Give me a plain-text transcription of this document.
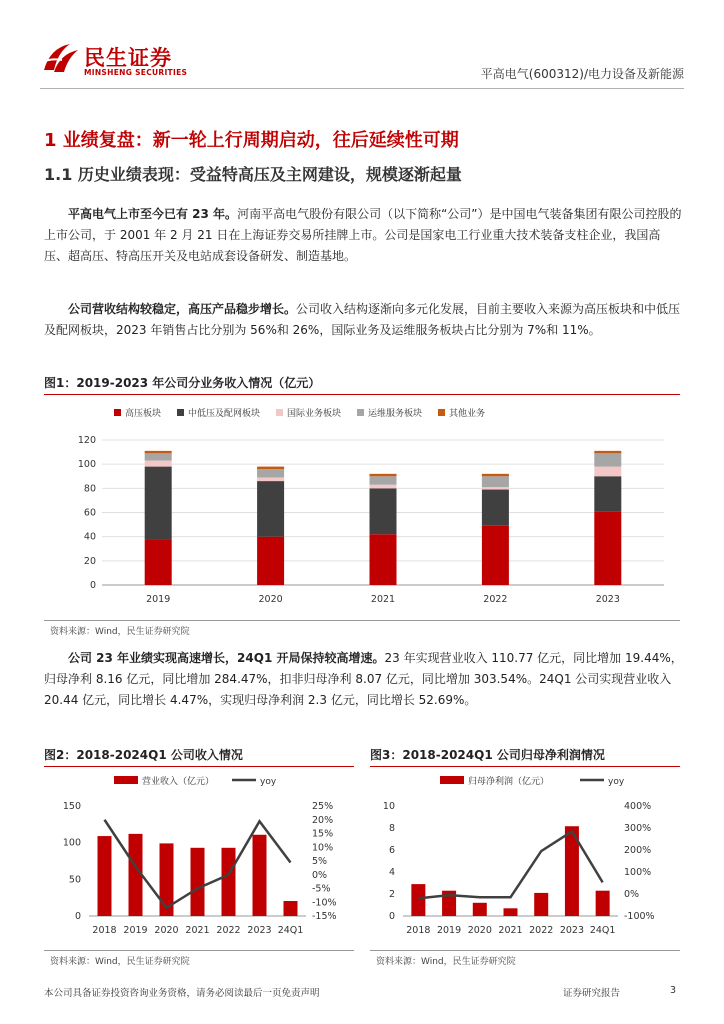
民生证券
MINSHENG SECURITIES	平高电气(600312)/电力设备及新能源
1 业绩复盘：新一轮上行周期启动，往后延续性可期
1.1 历史业绩表现：受益特高压及主网建设，规模逐渐起量
平高电气上市至今已有 23 年。河南平高电气股份有限公司（以下简称“公司”）是中国电气装备集团有限公司控股的上市公司，于 2001 年 2 月 21 日在上海证券交易所挂牌上市。公司是国家电工行业重大技术装备支柱企业，我国高压、超高压、特高压开关及电站成套设备研发、制造基地。
公司营收结构较稳定，高压产品稳步增长。公司收入结构逐渐向多元化发展，目前主要收入来源为高压板块和中低压及配网板块，2023 年销售占比分别为 56%和 26%，国际业务及运维服务板块占比分别为 7%和 11%。
图1：2019-2023 年公司分业务收入情况（亿元）
高压板块	中低压及配网板块	国际业务板块	运维服务板块	其他业务
0
20
40
60
80
100
120
2019	2020	2021	2022	2023
资料来源：Wind，民生证券研究院
公司 23 年业绩实现高速增长，24Q1 开局保持较高增速。23 年实现营业收入 110.77 亿元，同比增加 19.44%，归母净利 8.16 亿元，同比增加 284.47%，扣非归母净利 8.07 亿元，同比增加 303.54%。24Q1 公司实现营业收入 20.44 亿元，同比增长 4.47%，实现归母净利润 2.3 亿元，同比增长 52.69%。
图2：2018-2024Q1 公司收入情况
营业收入（亿元）	yoy
0
50
100
150
-15%
-10%
-5%
0%
5%
10%
15%
20%
25%
2018 2019 2020 2021 2022 2023 24Q1
资料来源：Wind，民生证券研究院
图3：2018-2024Q1 公司归母净利润情况
归母净利润（亿元）	yoy
0
2
4
6
8
10
-100%
0%
100%
200%
300%
400%
2018 2019 2020 2021 2022 2023 24Q1
资料来源：Wind，民生证券研究院
本公司具备证券投资咨询业务资格，请务必阅读最后一页免责声明	证券研究报告	3
